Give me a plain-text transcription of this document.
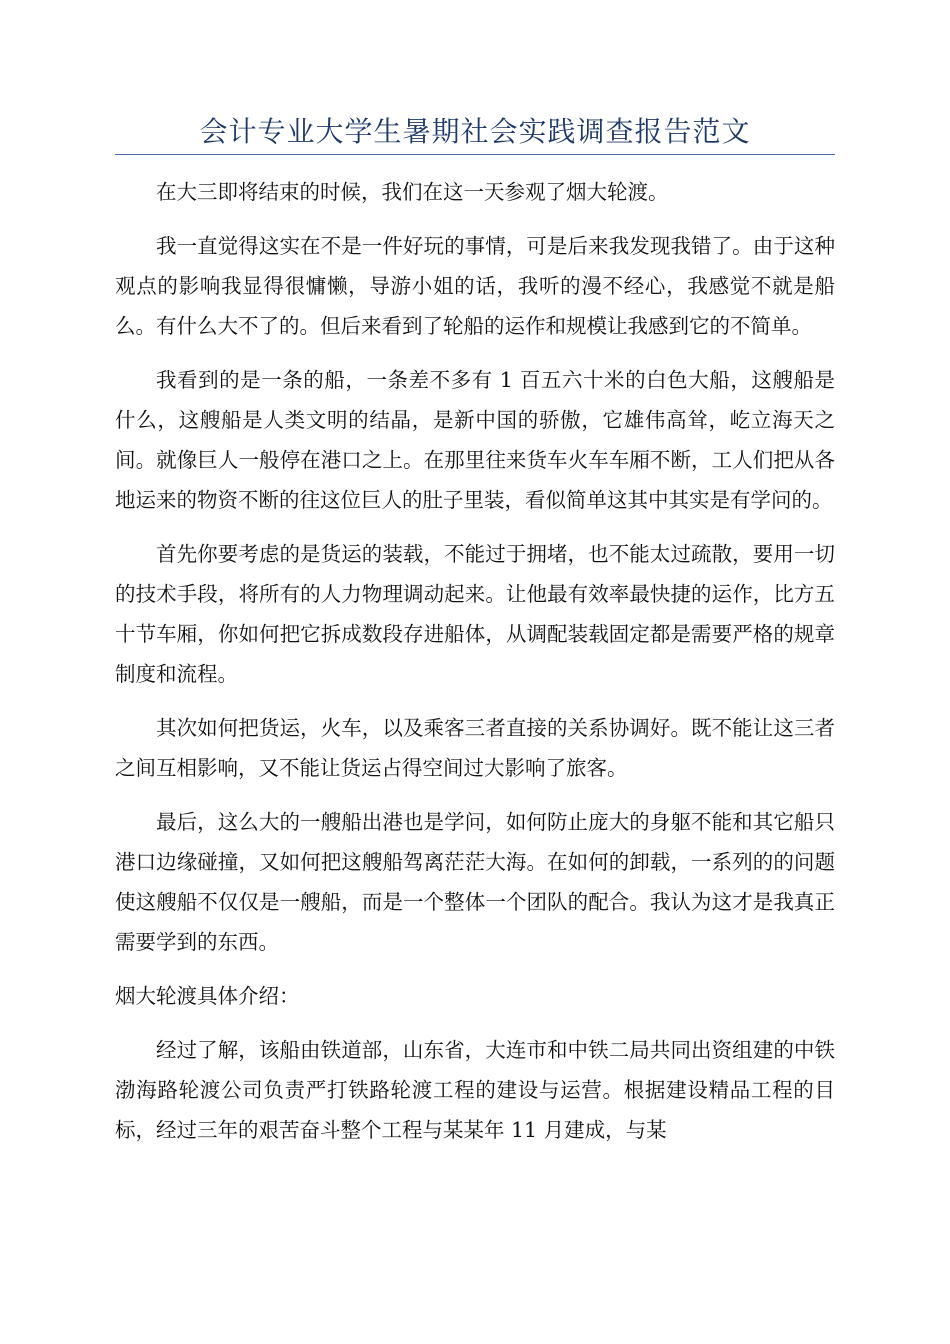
会计专业大学生暑期社会实践调查报告范文

在大三即将结束的时候，我们在这一天参观了烟大轮渡。

我一直觉得这实在不是一件好玩的事情，可是后来我发现我错了。由于这种观点的影响我显得很慵懒，导游小姐的话，我听的漫不经心，我感觉不就是船么。有什么大不了的。但后来看到了轮船的运作和规模让我感到它的不简单。

我看到的是一条的船，一条差不多有 1 百五六十米的白色大船，这艘船是什么，这艘船是人类文明的结晶，是新中国的骄傲，它雄伟高耸，屹立海天之间。就像巨人一般停在港口之上。在那里往来货车火车车厢不断，工人们把从各地运来的物资不断的往这位巨人的肚子里装，看似简单这其中其实是有学问的。

首先你要考虑的是货运的装载，不能过于拥堵，也不能太过疏散，要用一切的技术手段，将所有的人力物理调动起来。让他最有效率最快捷的运作，比方五十节车厢，你如何把它拆成数段存进船体，从调配装载固定都是需要严格的规章制度和流程。

其次如何把货运，火车，以及乘客三者直接的关系协调好。既不能让这三者之间互相影响，又不能让货运占得空间过大影响了旅客。

最后，这么大的一艘船出港也是学问，如何防止庞大的身躯不能和其它船只港口边缘碰撞，又如何把这艘船驾离茫茫大海。在如何的卸载，一系列的的问题使这艘船不仅仅是一艘船，而是一个整体一个团队的配合。我认为这才是我真正需要学到的东西。

烟大轮渡具体介绍：

经过了解，该船由铁道部，山东省，大连市和中铁二局共同出资组建的中铁渤海路轮渡公司负责严打铁路轮渡工程的建设与运营。根据建设精品工程的目标，经过三年的艰苦奋斗整个工程与某某年 11 月建成，与某
